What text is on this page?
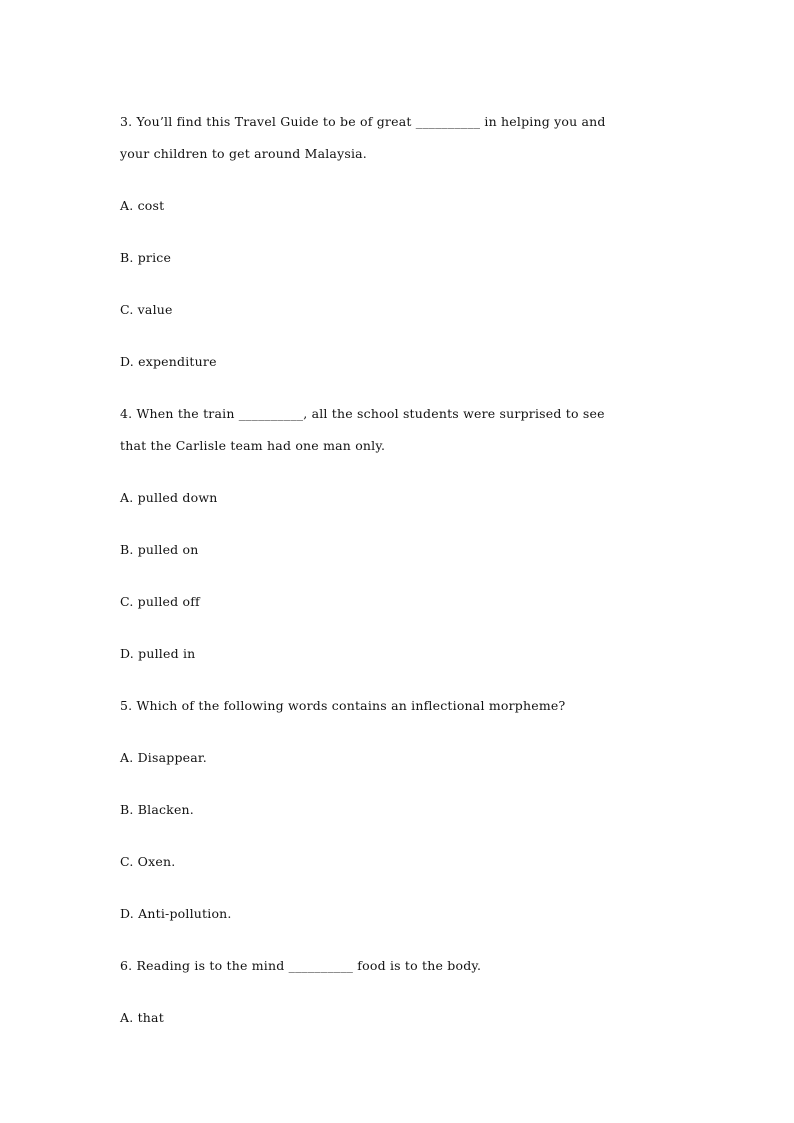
3. You’ll find this Travel Guide to be of great __________ in helping you and
your children to get around Malaysia.
A. cost
B. price
C. value
D. expenditure
4. When the train __________, all the school students were surprised to see
that the Carlisle team had one man only.
A. pulled down
B. pulled on
C. pulled off
D. pulled in
5. Which of the following words contains an inflectional morpheme?
A. Disappear.
B. Blacken.
C. Oxen.
D. Anti-pollution.
6. Reading is to the mind __________ food is to the body.
A. that
